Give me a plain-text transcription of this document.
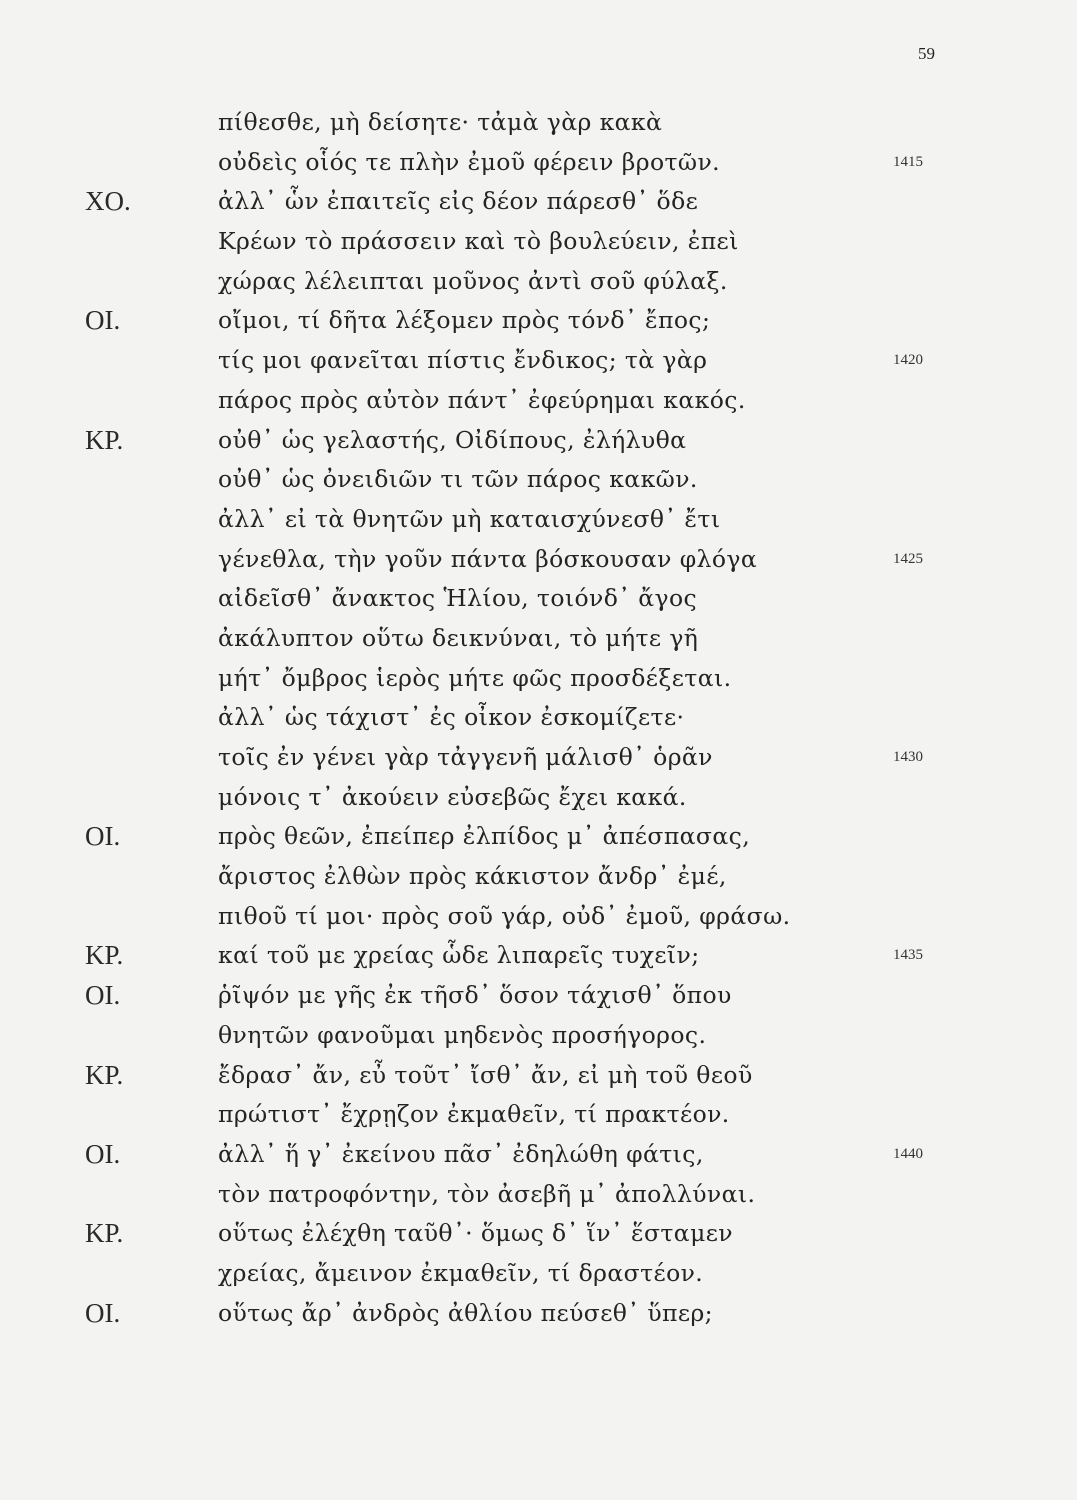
59
πίθεσθε, μὴ δείσητε· τἀμὰ γὰρ κακὰ
οὐδεὶς οἷός τε πλὴν ἐμοῦ φέρειν βροτῶν.	1415
ΧΟ.	ἀλλ᾽ ὧν ἐπαιτεῖς εἰς δέον πάρεσθ᾽ ὅδε
Κρέων τὸ πράσσειν καὶ τὸ βουλεύειν, ἐπεὶ
χώρας λέλειπται μοῦνος ἀντὶ σοῦ φύλαξ.
ΟΙ.	οἴμοι, τί δῆτα λέξομεν πρὸς τόνδ᾽ ἔπος;
τίς μοι φανεῖται πίστις ἔνδικος; τὰ γὰρ	1420
πάρος πρὸς αὐτὸν πάντ᾽ ἐφεύρημαι κακός.
ΚΡ.	οὐθ᾽ ὡς γελαστής, Οἰδίπους, ἐλήλυθα
οὐθ᾽ ὡς ὀνειδιῶν τι τῶν πάρος κακῶν.
ἀλλ᾽ εἰ τὰ θνητῶν μὴ καταισχύνεσθ᾽ ἔτι
γένεθλα, τὴν γοῦν πάντα βόσκουσαν φλόγα	1425
αἰδεῖσθ᾽ ἄνακτος Ἡλίου, τοιόνδ᾽ ἄγος
ἀκάλυπτον οὕτω δεικνύναι, τὸ μήτε γῆ
μήτ᾽ ὄμβρος ἱερὸς μήτε φῶς προσδέξεται.
ἀλλ᾽ ὡς τάχιστ᾽ ἐς οἶκον ἐσκομίζετε·
τοῖς ἐν γένει γὰρ τἀγγενῆ μάλισθ᾽ ὁρᾶν	1430
μόνοις τ᾽ ἀκούειν εὐσεβῶς ἔχει κακά.
ΟΙ.	πρὸς θεῶν, ἐπείπερ ἐλπίδος μ᾽ ἀπέσπασας,
ἄριστος ἐλθὼν πρὸς κάκιστον ἄνδρ᾽ ἐμέ,
πιθοῦ τί μοι· πρὸς σοῦ γάρ, οὐδ᾽ ἐμοῦ, φράσω.
ΚΡ.	καί τοῦ με χρείας ὧδε λιπαρεῖς τυχεῖν;	1435
ΟΙ.	ῥῖψόν με γῆς ἐκ τῆσδ᾽ ὅσον τάχισθ᾽ ὅπου
θνητῶν φανοῦμαι μηδενὸς προσήγορος.
ΚΡ.	ἔδρασ᾽ ἄν, εὖ τοῦτ᾽ ἴσθ᾽ ἄν, εἰ μὴ τοῦ θεοῦ
πρώτιστ᾽ ἔχρῃζον ἐκμαθεῖν, τί πρακτέον.
ΟΙ.	ἀλλ᾽ ἥ γ᾽ ἐκείνου πᾶσ᾽ ἐδηλώθη φάτις,	1440
τὸν πατροφόντην, τὸν ἀσεβῆ μ᾽ ἀπολλύναι.
ΚΡ.	οὕτως ἐλέχθη ταῦθ᾽· ὅμως δ᾽ ἵν᾽ ἕσταμεν
χρείας, ἄμεινον ἐκμαθεῖν, τί δραστέον.
ΟΙ.	οὕτως ἄρ᾽ ἀνδρὸς ἀθλίου πεύσεθ᾽ ὕπερ;
